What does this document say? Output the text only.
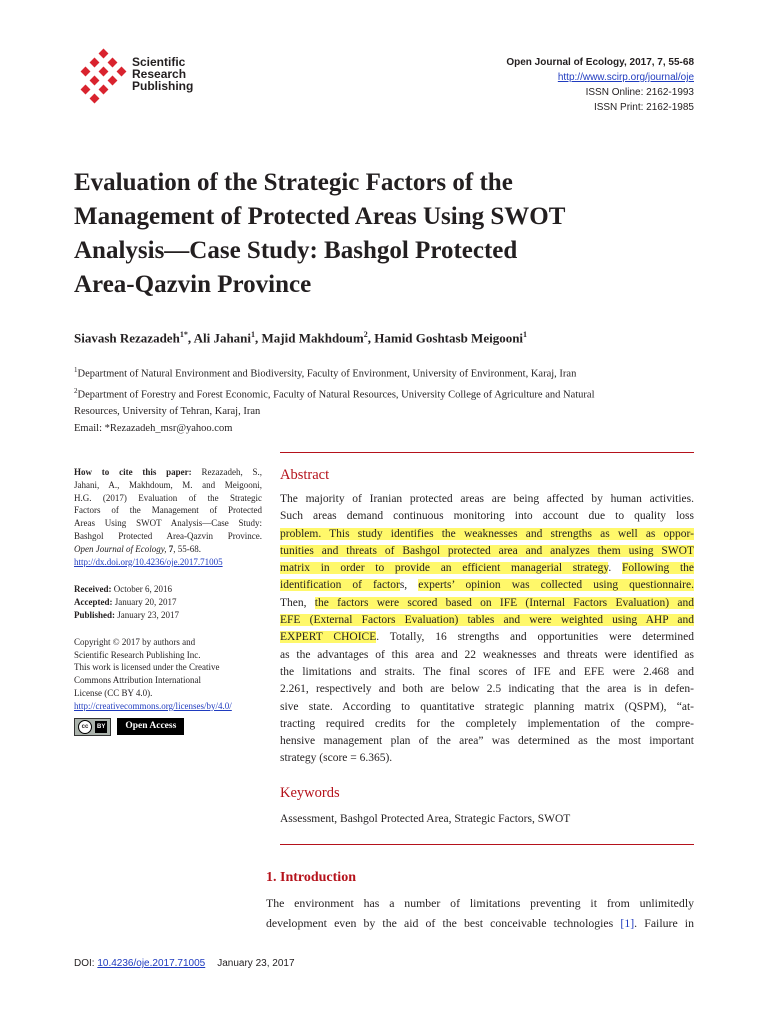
Scientific
Research
Publishing
Open Journal of Ecology, 2017, 7, 55-68
http://www.scirp.org/journal/oje
ISSN Online: 2162-1993
ISSN Print: 2162-1985
Evaluation of the Strategic Factors of the
Management of Protected Areas Using SWOT
Analysis—Case Study: Bashgol Protected
Area-Qazvin Province
Siavash Rezazadeh$^{1*}$, Ali Jahani$^1$, Majid Makhdoum$^2$, Hamid Goshtasb Meigooni$^1$
$^1$Department of Natural Environment and Biodiversity, Faculty of Environment, University of Environment, Karaj, Iran
$^2$Department of Forestry and Forest Economic, Faculty of Natural Resources, University College of Agriculture and Natural
Resources, University of Tehran, Karaj, Iran
Email: *Rezazadeh_msr@yahoo.com

How to cite this paper: Rezazadeh, S.,

Jahani, A., Makhdoum, M. and Meigooni,

H.G. (2017) Evaluation of the Strategic

Factors of the Management of Protected

Areas Using SWOT Analysis—Case Study:

Bashgol Protected Area-Qazvin Province.

Open Journal of Ecology, 7, 55-68.

http://dx.doi.org/10.4236/oje.2017.71005

Received: October 6, 2016

Accepted: January 20, 2017

Published: January 23, 2017

Copyright © 2017 by authors and

Scientific Research Publishing Inc.

This work is licensed under the Creative

Commons Attribution International

License (CC BY 4.0).

http://creativecommons.org/licenses/by/4.0/

cc	BY	Open Access
Abstract
The majority of Iranian protected areas are being affected by human activities.
Such areas demand continuous monitoring into account due to quality loss
problem. This study identifies the weaknesses and strengths as well as oppor-
tunities and threats of Bashgol protected area and analyzes them using SWOT
matrix in order to provide an efficient managerial strategy. Following the
identification of factors, experts’ opinion was collected using questionnaire.
Then, the factors were scored based on IFE (Internal Factors Evaluation) and
EFE (External Factors Evaluation) tables and were weighted using AHP and
EXPERT CHOICE. Totally, 16 strengths and opportunities were determined
as the advantages of this area and 22 weaknesses and threats were identified as
the limitations and straits. The final scores of IFE and EFE were 2.468 and
2.261, respectively and both are below 2.5 indicating that the area is in defen-
sive state. According to quantitative strategic planning matrix (QSPM), “at-
tracting required credits for the completely implementation of the compre-
hensive management plan of the area” was determined as the most important
strategy (score = 6.365).
Keywords
Assessment, Bashgol Protected Area, Strategic Factors, SWOT
1. Introduction
The environment has a number of limitations preventing it from unlimitedly
development even by the aid of the best conceivable technologies [1]. Failure in
DOI: 10.4236/oje.2017.71005 January 23, 2017
